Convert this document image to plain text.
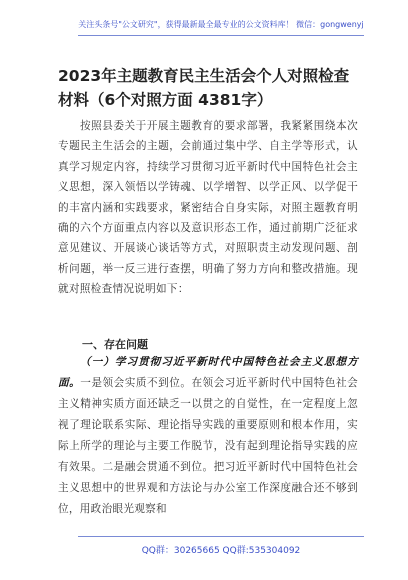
关注头条号"公文研究"，获得最新最全最专业的公文资料库！ 微信：gongwenyj
2023年主题教育民主生活会个人对照检查材料（6个对照方面 4381字）
按照县委关于开展主题教育的要求部署，我紧紧围绕本次专题民主生活会的主题，会前通过集中学、自主学等形式，认真学习规定内容，持续学习贯彻习近平新时代中国特色社会主义思想，深入领悟以学铸魂、以学增智、以学正风、以学促干的丰富内涵和实践要求，紧密结合自身实际，对照主题教育明确的六个方面重点内容以及意识形态工作，通过前期广泛征求意见建议、开展谈心谈话等方式，对照职责主动发现问题、剖析问题，举一反三进行查摆，明确了努力方向和整改措施。现就对照检查情况说明如下：
一、存在问题
（一）学习贯彻习近平新时代中国特色社会主义思想方面。一是领会实质不到位。在领会习近平新时代中国特色社会主义精神实质方面还缺乏一以贯之的自觉性，在一定程度上忽视了理论联系实际、理论指导实践的重要原则和根本作用，实际上所学的理论与主要工作脱节，没有起到理论指导实践的应有效果。二是融会贯通不到位。把习近平新时代中国特色社会主义思想中的世界观和方法论与办公室工作深度融合还不够到位，用政治眼光观察和
QQ群：30265665 QQ群:535304092
